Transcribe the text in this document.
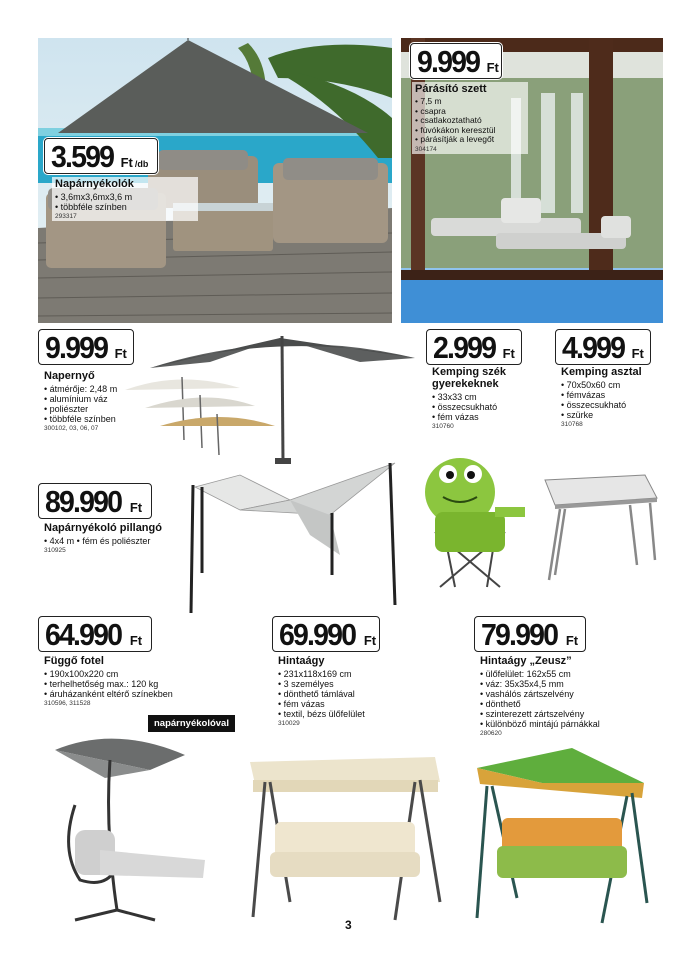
3.599 Ft /db
Napárnyékolók
• 3,6mx3,6mx3,6 m
• többféle színben
293317
9.999 Ft
Párásító szett
• 7,5 m
• csapra
• csatlakoztatható
• fúvókákon keresztül
• párásítják a levegőt
304174
9.999 Ft
Napernyő
• átmérője: 2,48 m
• alumínium váz
• poliészter
• többféle színben
300102, 03, 06, 07
2.999 Ft
Kemping szék gyerekeknek
• 33x33 cm
• összecsukható
• fém vázas
310760
4.999 Ft
Kemping asztal
• 70x50x60 cm
• fémvázas
• összecsukható
• szürke
310768
89.990 Ft
Napárnyékoló pillangó
• 4x4 m • fém és poliészter
310925
64.990 Ft
Függő fotel
• 190x100x220 cm
• terhelhetőség max.: 120 kg
• áruházanként eltérő színekben
310596, 311528
69.990 Ft
Hintaágy
• 231x118x169 cm
• 3 személyes
• dönthető támlával
• fém vázas
• textil, bézs ülőfelület
310029
79.990 Ft
Hintaágy „Zeusz”
• ülőfelület: 162x55 cm
• váz: 35x35x4,5 mm
• vashálós zártszelvény
• dönthető
• szinterezett zártszelvény
• különböző mintájú párnákkal
280620
napárnyékolóval
3
